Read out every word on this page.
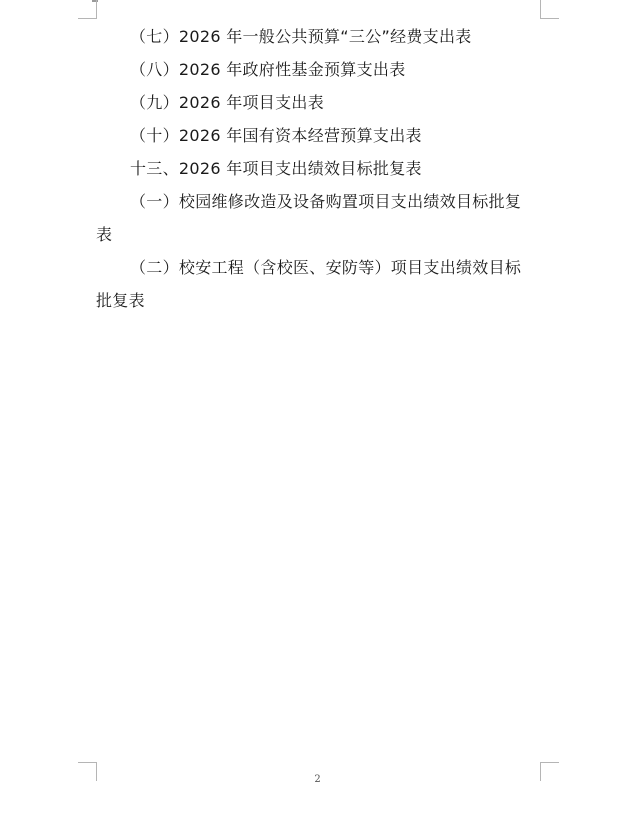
（七）2026 年一般公共预算“三公”经费支出表
（八）2026 年政府性基金预算支出表
（九）2026 年项目支出表
（十）2026 年国有资本经营预算支出表
十三、2026 年项目支出绩效目标批复表
（一）校园维修改造及设备购置项目支出绩效目标批复
表
（二）校安工程（含校医、安防等）项目支出绩效目标
批复表
2
